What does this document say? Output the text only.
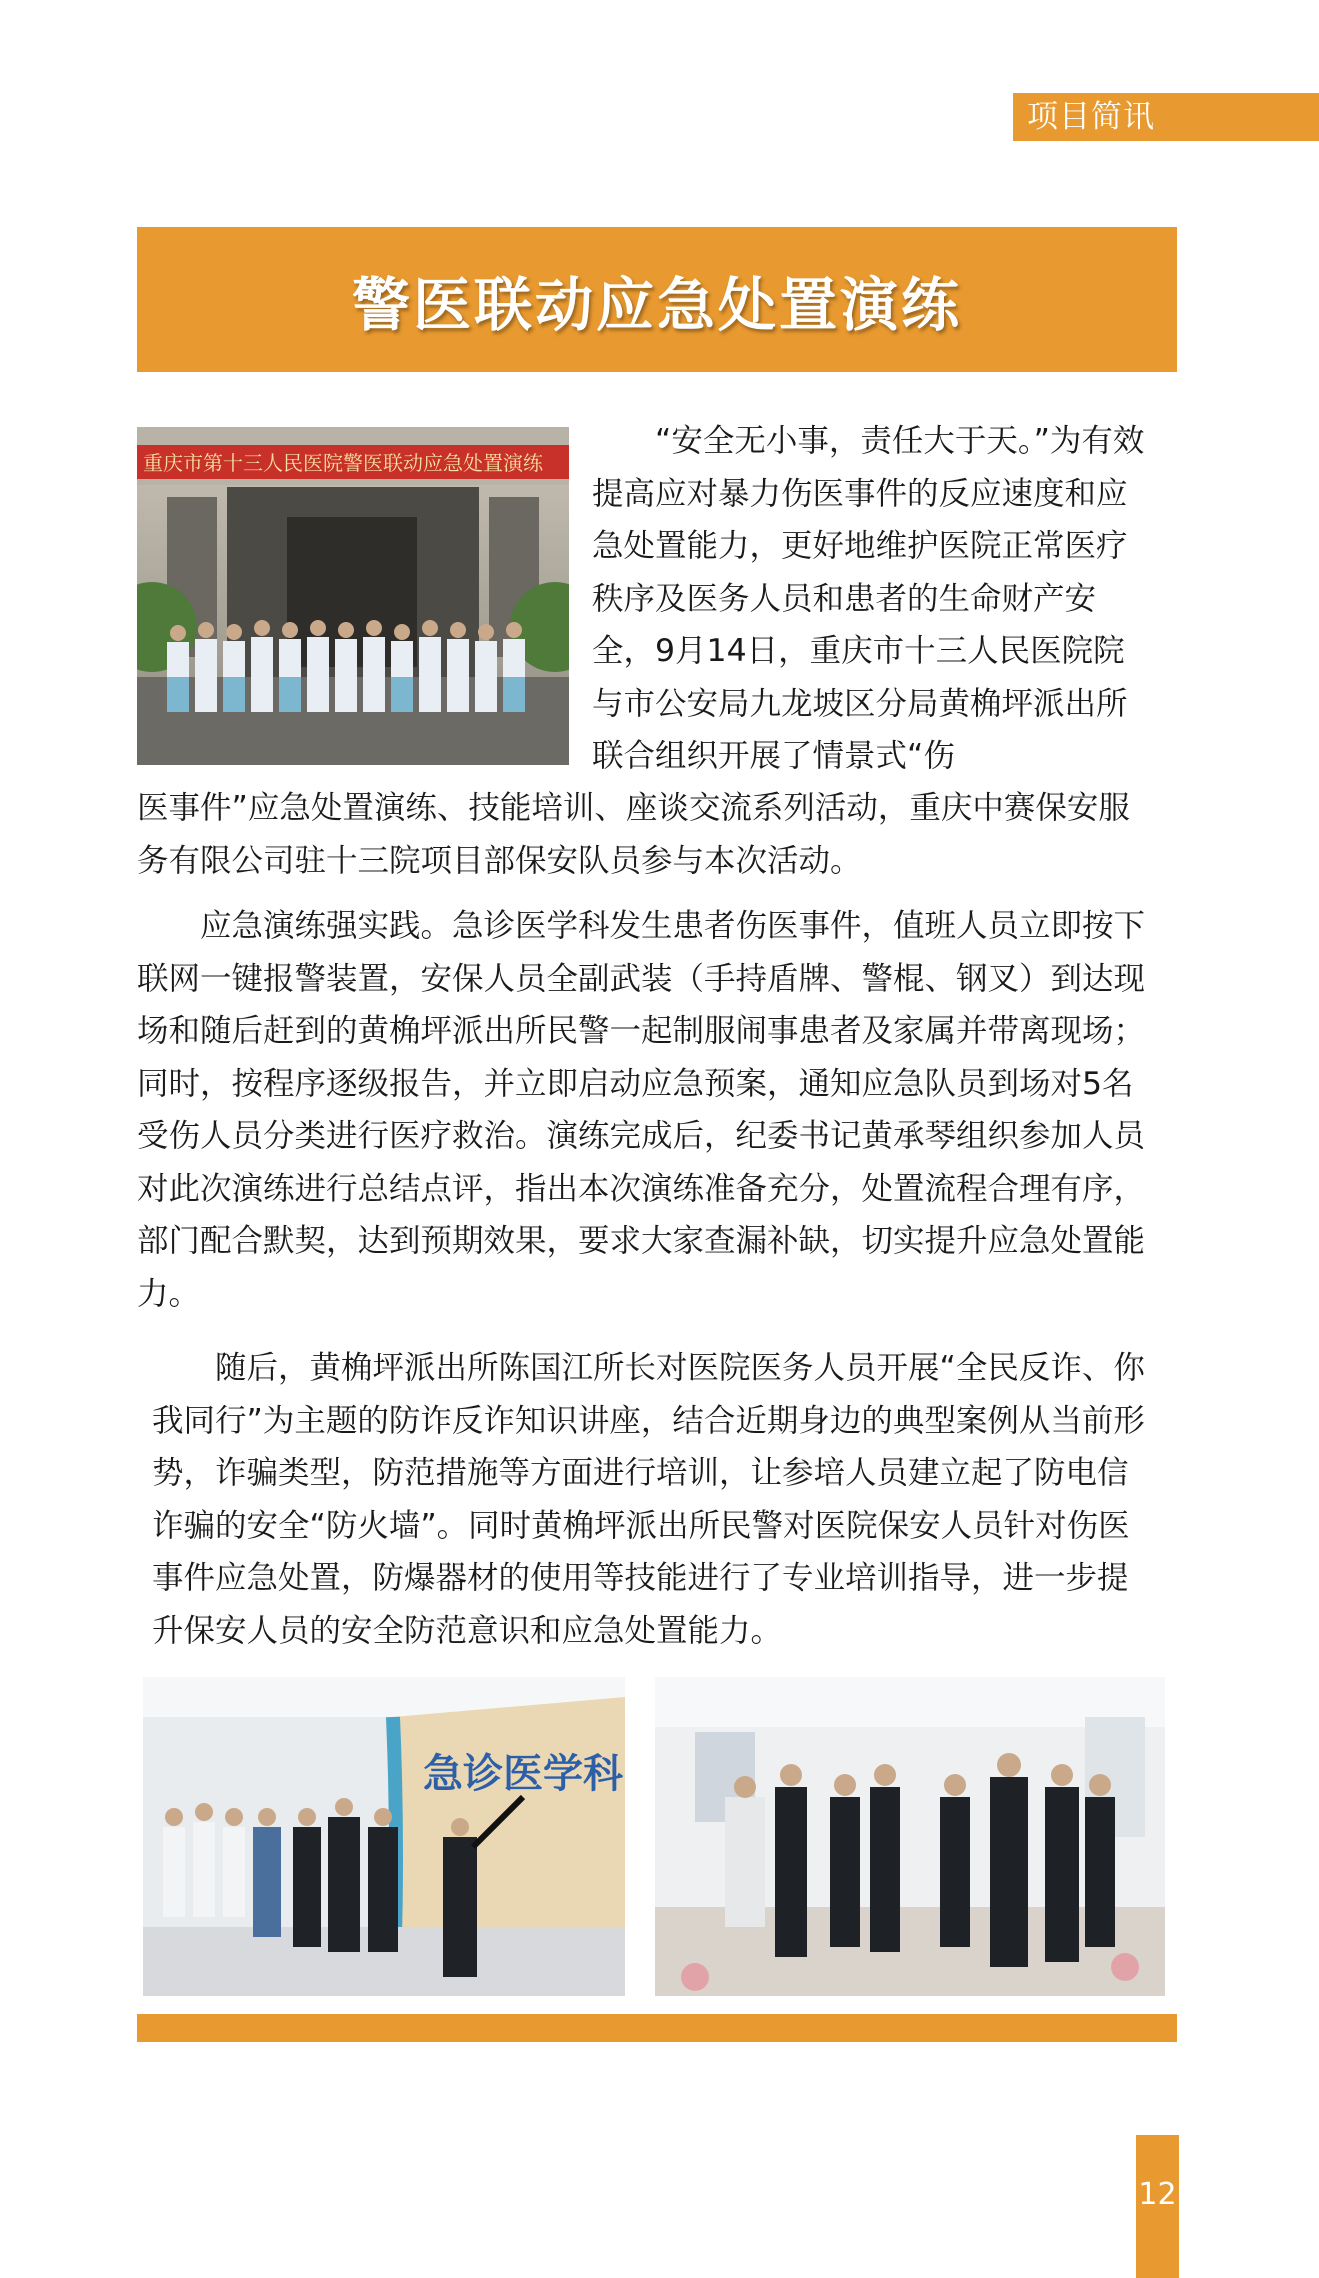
项目简讯
警医联动应急处置演练
重庆市第十三人民医院警医联动应急处置演练
“安全无小事，责任大于天。”为有效提高应对暴力伤医事件的反应速度和应急处置能力，更好地维护医院正常医疗秩序及医务人员和患者的生命财产安全，9月14日，重庆市十三人民医院院与市公安局九龙坡区分局黄桷坪派出所联合组织开展了情景式“伤
医事件”应急处置演练、技能培训、座谈交流系列活动，重庆中赛保安服务有限公司驻十三院项目部保安队员参与本次活动。
应急演练强实践。急诊医学科发生患者伤医事件，值班人员立即按下联网一键报警装置，安保人员全副武装（手持盾牌、警棍、钢叉）到达现场和随后赶到的黄桷坪派出所民警一起制服闹事患者及家属并带离现场；同时，按程序逐级报告，并立即启动应急预案，通知应急队员到场对5名受伤人员分类进行医疗救治。演练完成后，纪委书记黄承琴组织参加人员对此次演练进行总结点评，指出本次演练准备充分，处置流程合理有序，部门配合默契，达到预期效果，要求大家查漏补缺，切实提升应急处置能力。
随后，黄桷坪派出所陈国江所长对医院医务人员开展“全民反诈、你我同行”为主题的防诈反诈知识讲座，结合近期身边的典型案例从当前形势，诈骗类型，防范措施等方面进行培训，让参培人员建立起了防电信诈骗的安全“防火墙”。同时黄桷坪派出所民警对医院保安人员针对伤医事件应急处置，防爆器材的使用等技能进行了专业培训指导，进一步提升保安人员的安全防范意识和应急处置能力。
急诊医学科
12
